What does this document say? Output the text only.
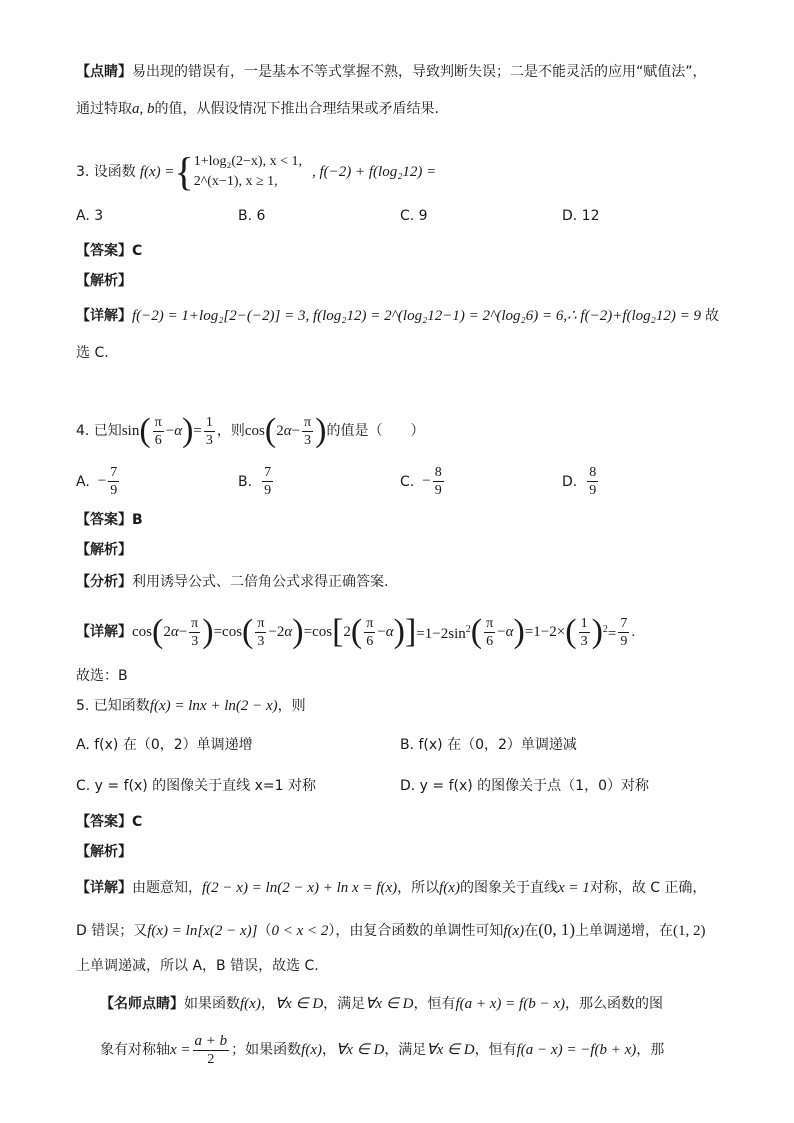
【点睛】易出现的错误有，一是基本不等式掌握不熟，导致判断失误；二是不能灵活的应用“赋值法”，
通过特取a, b的值，从假设情况下推出合理结果或矛盾结果.
3. 设函数 f(x) = { 1+log₂(2−x), x < 1,
2^(x−1), x ≥ 1,
, f(−2) + f(log₂12) =
A. 3	B. 6	C. 9	D. 12
【答案】C
【解析】
【详解】f(−2) = 1+log₂[2−(−2)] = 3, f(log₂12) = 2^(log₂12−1) = 2^(log₂6) = 6,∴ f(−2)+f(log₂12) = 9 故
选 C.
4. 已知 sin ( $\frac{\pi}{6} - \alpha$ ) = $\frac{1}{3}$ ，则 cos ( 2 $\alpha - \frac{\pi}{3}$ ) 的值是（　　）
A. − $\frac{7}{9}$	B. $\frac{7}{9}$	C. − $\frac{8}{9}$	D. $\frac{8}{9}$
【答案】B
【解析】
【分析】利用诱导公式、二倍角公式求得正确答案.
【详解】 cos ( 2 $\alpha - \frac{\pi}{3}$ ) =cos ( $\frac{\pi}{3} -2$ α ) =cos [ 2 ( $\frac{\pi}{6} - \alpha$ ) ] $=1-2\sin^2$ ( $\frac{\pi}{6} - \alpha$ ) =1−2× ( $\frac{1}{3}$ ) $^2= \frac{7}{9}$ .
故选：B
5. 已知函数f(x) = lnx + ln(2 − x)，则
A. f(x) 在（0，2）单调递增	B. f(x) 在（0，2）单调递减
C. y = f(x) 的图像关于直线 x=1 对称	D. y = f(x) 的图像关于点（1，0）对称
【答案】C
【解析】
【详解】由题意知，f(2 − x) = ln(2 − x) + ln x = f(x)，所以f(x)的图象关于直线x = 1对称，故 C 正确，
D 错误；又f(x) = ln[x(2 − x)]（0 < x < 2），由复合函数的单调性可知f(x)在(0, 1)上单调递增，在(1, 2)
上单调递减，所以 A，B 错误，故选 C.
【名师点睛】如果函数f(x)，∀x ∈ D，满足∀x ∈ D，恒有f(a + x) = f(b − x)，那么函数的图
象有对称轴 $x = \frac{a + b}{2}$ ；如果函数 f(x) ， ∀x ∈ D ，满足 ∀x ∈ D ，恒有 f(a − x) = −f(b + x) ，那
